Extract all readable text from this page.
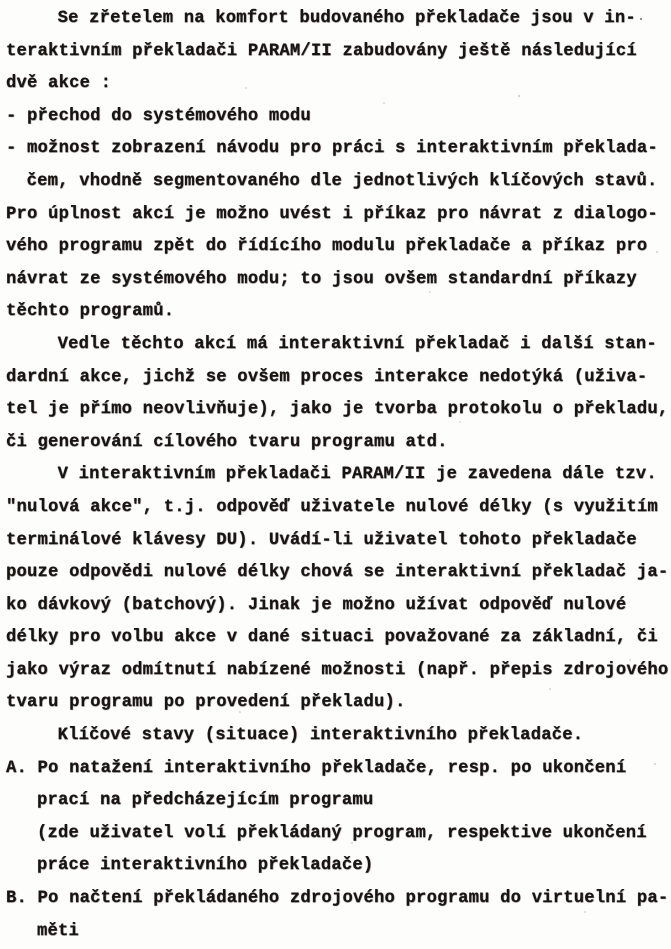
Se zřetelem na komfort budovaného překladače jsou v in-
teraktivním překladači PARAM/II zabudovány ještě následující
dvě akce :
- přechod do systémového modu
- možnost zobrazení návodu pro práci s interaktivním překlada-
čem, vhodně segmentovaného dle jednotlivých klíčových stavů.
Pro úplnost akcí je možno uvést i příkaz pro návrat z dialogo-
vého programu zpět do řídícího modulu překladače a příkaz pro
návrat ze systémového modu; to jsou ovšem standardní příkazy
těchto programů.
Vedle těchto akcí má interaktivní překladač i další stan-
dardní akce, jichž se ovšem proces interakce nedotýká (uživa-
tel je přímo neovlivňuje), jako je tvorba protokolu o překladu,
či generování cílového tvaru programu atd.
V interaktivním překladači PARAM/II je zavedena dále tzv.
"nulová akce", t.j. odpověď uživatele nulové délky (s využitím
terminálové klávesy DU). Uvádí-li uživatel tohoto překladače
pouze odpovědi nulové délky chová se interaktivní překladač ja-
ko dávkový (batchový). Jinak je možno užívat odpověď nulové
délky pro volbu akce v dané situaci považované za základní, či
jako výraz odmítnutí nabízené možnosti (např. přepis zdrojového
tvaru programu po provedení překladu).
Klíčové stavy (situace) interaktivního překladače.
A. Po natažení interaktivního překladače, resp. po ukončení
prací na předcházejícím programu
(zde uživatel volí překládaný program, respektive ukončení
práce interaktivního překladače)
B. Po načtení překládaného zdrojového programu do virtuelní pa-
měti
